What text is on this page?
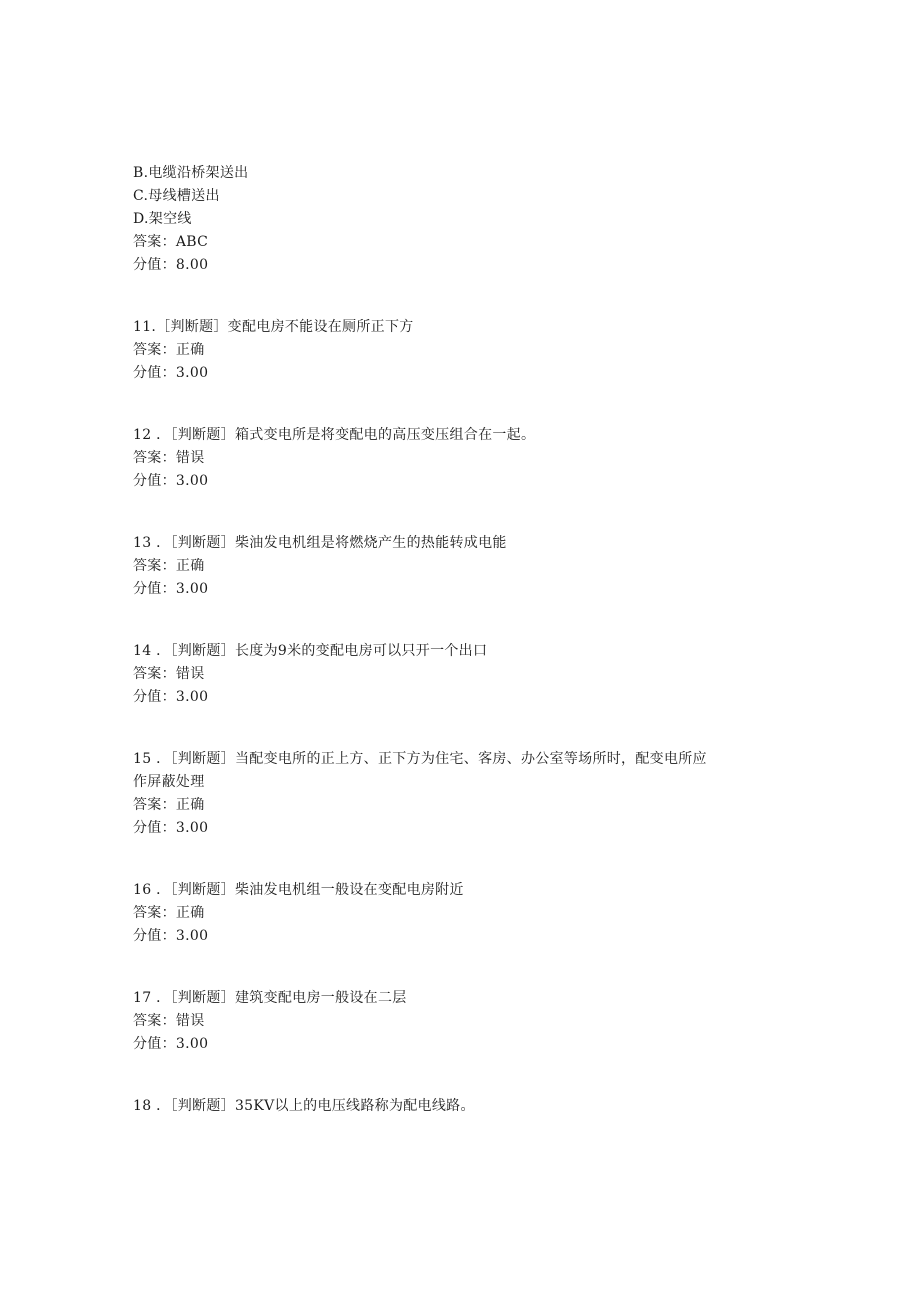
B.电缆沿桥架送出
C.母线槽送出
D.架空线
答案：ABC
分值：8.00
11.［判断题］变配电房不能设在厕所正下方
答案：正确
分值：3.00
12 ．［判断题］箱式变电所是将变配电的高压变压组合在一起。
答案：错误
分值：3.00
13 ．［判断题］柴油发电机组是将燃烧产生的热能转成电能
答案：正确
分值：3.00
14 ．［判断题］长度为9米的变配电房可以只开一个出口
答案：错误
分值：3.00
15 ．［判断题］当配变电所的正上方、正下方为住宅、客房、办公室等场所时，配变电所应
作屏蔽处理
答案：正确
分值：3.00
16 ．［判断题］柴油发电机组一般设在变配电房附近
答案：正确
分值：3.00
17 ．［判断题］建筑变配电房一般设在二层
答案：错误
分值：3.00
18 ．［判断题］35KV以上的电压线路称为配电线路。
